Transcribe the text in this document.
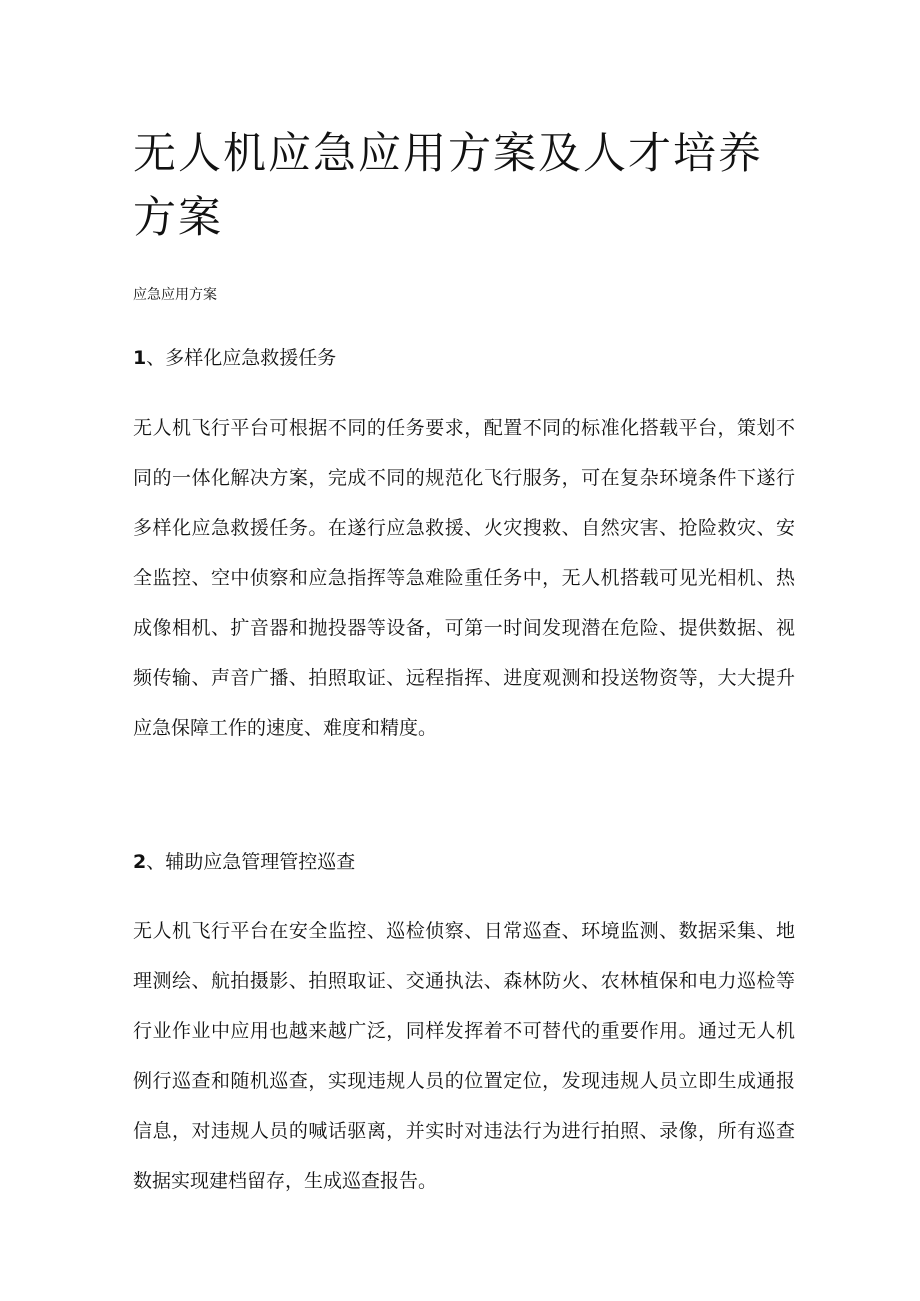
无人机应急应用方案及人才培养方案
应急应用方案
1、多样化应急救援任务

无人机飞行平台可根据不同的任务要求，配置不同的标准化搭载平台，策划不同的一体化解决方案，完成不同的规范化飞行服务，可在复杂环境条件下遂行多样化应急救援任务。在遂行应急救援、火灾搜救、自然灾害、抢险救灾、安全监控、空中侦察和应急指挥等急难险重任务中，无人机搭载可见光相机、热成像相机、扩音器和抛投器等设备，可第一时间发现潜在危险、提供数据、视频传输、声音广播、拍照取证、远程指挥、进度观测和投送物资等，大大提升应急保障工作的速度、难度和精度。

2、辅助应急管理管控巡查

无人机飞行平台在安全监控、巡检侦察、日常巡查、环境监测、数据采集、地理测绘、航拍摄影、拍照取证、交通执法、森林防火、农林植保和电力巡检等行业作业中应用也越来越广泛，同样发挥着不可替代的重要作用。通过无人机例行巡查和随机巡查，实现违规人员的位置定位，发现违规人员立即生成通报信息，对违规人员的喊话驱离，并实时对违法行为进行拍照、录像，所有巡查数据实现建档留存，生成巡查报告。
